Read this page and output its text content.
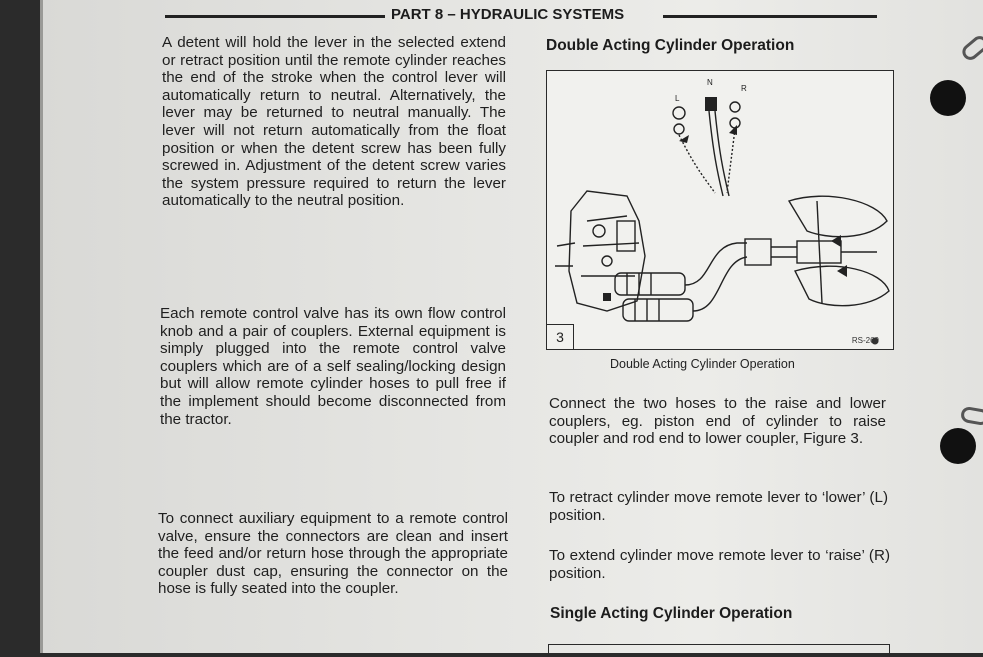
PART 8 – HYDRAULIC SYSTEMS

A detent will hold the lever in the selected extend or retract position until the remote cylinder reaches the end of the stroke when the control lever will automatically return to neutral. Alternatively, the lever may be returned to neutral manually. The lever will not return automatically from the float position or when the detent screw has been fully screwed in. Adjustment of the detent screw varies the system pressure required to return the lever automatically to the neutral position.

Each remote control valve has its own flow control knob and a pair of couplers. External equipment is simply plugged into the remote control valve couplers which are of a self sealing/locking design but will allow remote cylinder hoses to pull free if the implement should become disconnected from the tractor.

To connect auxiliary equipment to a remote control valve, ensure the connectors are clean and insert the feed and/or return hose through the appropriate coupler dust cap, ensuring the connector on the hose is fully seated into the coupler.

Double Acting Cylinder Operation
L
N
R
3	RS-269
Double Acting Cylinder Operation

Connect the two hoses to the raise and lower couplers, eg. piston end of cylinder to raise coupler and rod end to lower coupler, Figure 3.

To retract cylinder move remote lever to ‘lower’ (L) position.

To extend cylinder move remote lever to ‘raise’ (R) position.

Single Acting Cylinder Operation
